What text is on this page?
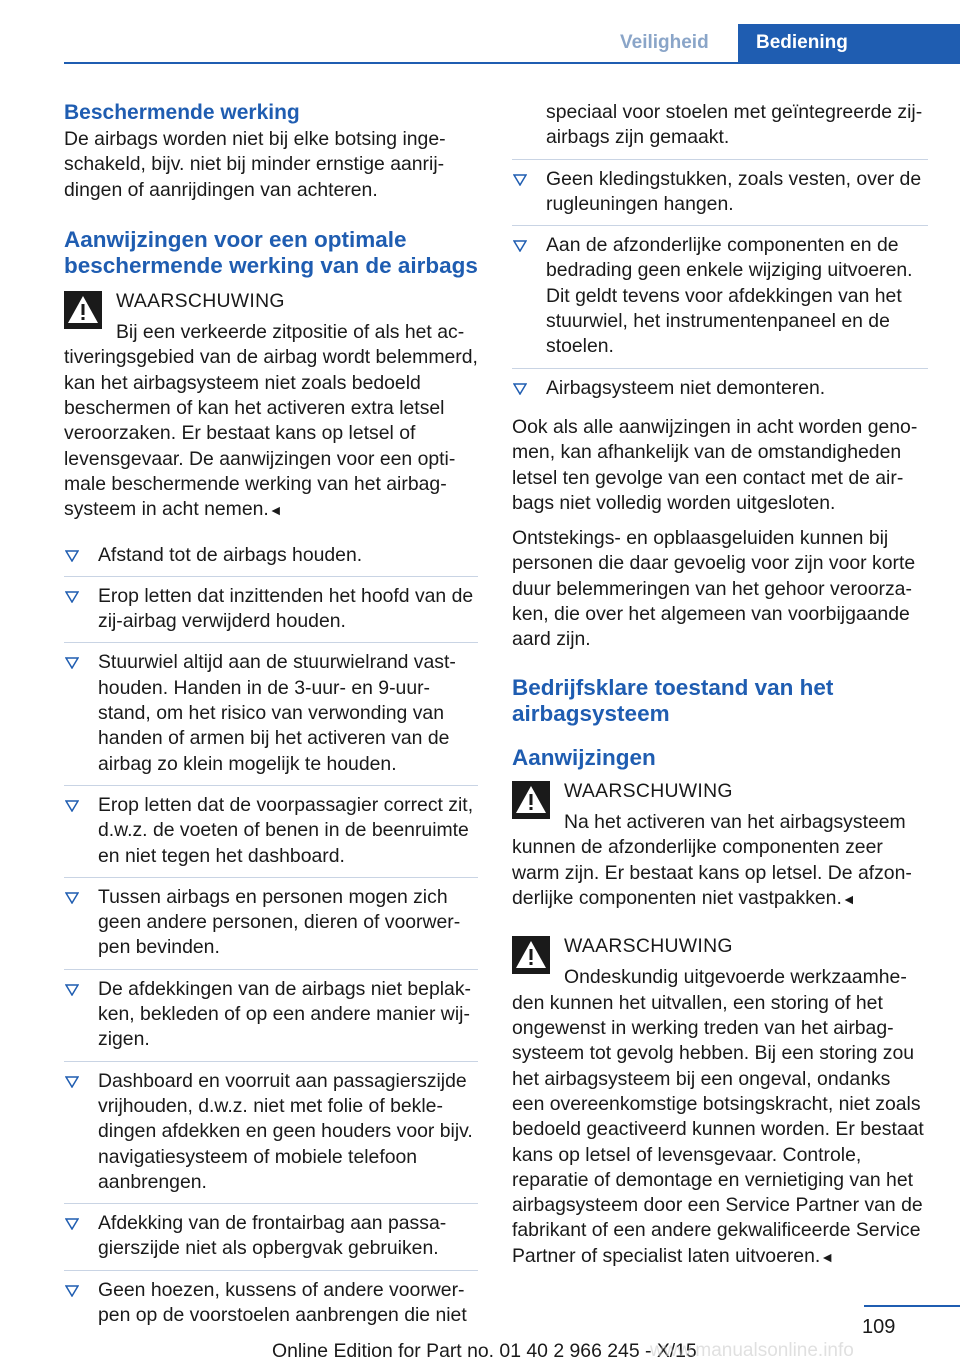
Veiligheid	Bediening
Beschermende werking

De airbags worden niet bij elke botsing ingeschakeld, bijv. niet bij minder ernstige aanrijdingen of aanrijdingen van achteren.

Aanwijzingen voor een optimale beschermende werking van de airbags
WAARSCHUWING
Bij een verkeerde zitpositie of als het activeringsgebied van de airbag wordt belemmerd, kan het airbagsysteem niet zoals bedoeld beschermen of kan het activeren extra letsel veroorzaken. Er bestaat kans op letsel of levensgevaar. De aanwijzingen voor een optimale beschermende werking van het airbagsysteem in acht nemen.◄
Afstand tot de airbags houden.
Erop letten dat inzittenden het hoofd van de zij-airbag verwijderd houden.
Stuurwiel altijd aan de stuurwielrand vasthouden. Handen in de 3-uur- en 9-uur-stand, om het risico van verwonding van handen of armen bij het activeren van de airbag zo klein mogelijk te houden.
Erop letten dat de voorpassagier correct zit, d.w.z. de voeten of benen in de beenruimte en niet tegen het dashboard.
Tussen airbags en personen mogen zich geen andere personen, dieren of voorwerpen bevinden.
De afdekkingen van de airbags niet beplakken, bekleden of op een andere manier wijzigen.
Dashboard en voorruit aan passagierszijde vrijhouden, d.w.z. niet met folie of bekledingen afdekken en geen houders voor bijv. navigatiesysteem of mobiele telefoon aanbrengen.
Afdekking van de frontairbag aan passagierszijde niet als opbergvak gebruiken.
Geen hoezen, kussens of andere voorwerpen op de voorstoelen aanbrengen die niet

speciaal voor stoelen met geïntegreerde zij-airbags zijn gemaakt.

Geen kledingstukken, zoals vesten, over de rugleuningen hangen.
Aan de afzonderlijke componenten en de bedrading geen enkele wijziging uitvoeren. Dit geldt tevens voor afdekkingen van het stuurwiel, het instrumentenpaneel en de stoelen.
Airbagsysteem niet demonteren.

Ook als alle aanwijzingen in acht worden genomen, kan afhankelijk van de omstandigheden letsel ten gevolge van een contact met de airbags niet volledig worden uitgesloten.

Ontstekings- en opblaasgeluiden kunnen bij personen die daar gevoelig voor zijn voor korte duur belemmeringen van het gehoor veroorzaken, die over het algemeen van voorbijgaande aard zijn.

Bedrijfsklare toestand van het airbagsysteem
Aanwijzingen
WAARSCHUWING
Na het activeren van het airbagsysteem kunnen de afzonderlijke componenten zeer warm zijn. Er bestaat kans op letsel. De afzonderlijke componenten niet vastpakken.◄
WAARSCHUWING
Ondeskundig uitgevoerde werkzaamheden kunnen het uitvallen, een storing of het ongewenst in werking treden van het airbagsysteem tot gevolg hebben. Bij een storing zou het airbagsysteem bij een ongeval, ondanks een overeenkomstige botsingskracht, niet zoals bedoeld geactiveerd kunnen worden. Er bestaat kans op letsel of levensgevaar. Controle, reparatie of demontage en vernietiging van het airbagsysteem door een Service Partner van de fabrikant of een andere gekwalificeerde Service Partner of specialist laten uitvoeren.◄
109
Online Edition for Part no. 01 40 2 966 245 - X/15
www.manualsonline.info
